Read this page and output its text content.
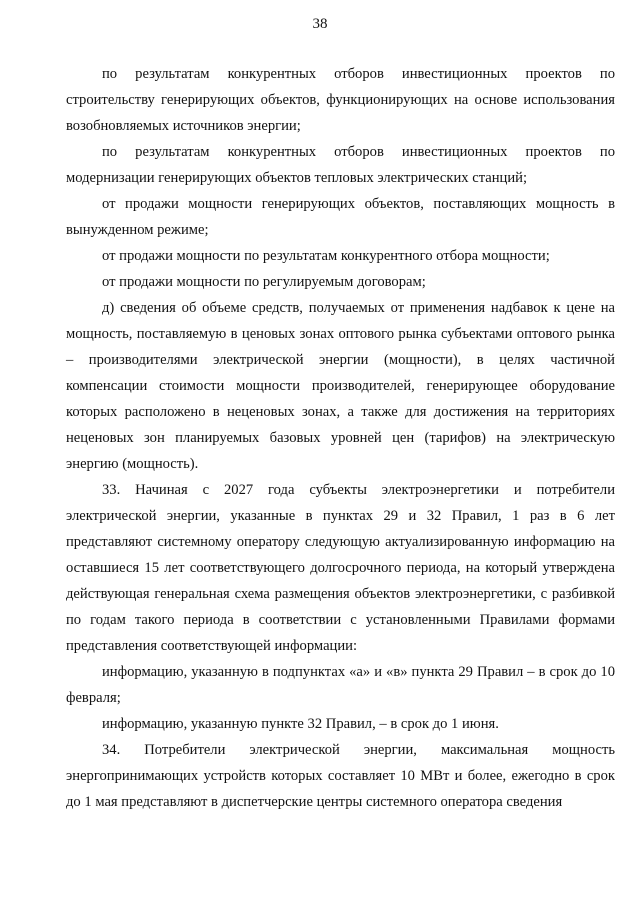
38

по результатам конкурентных отборов инвестиционных проектов по строительству генерирующих объектов, функционирующих на основе использования возобновляемых источников энергии;

по результатам конкурентных отборов инвестиционных проектов по модернизации генерирующих объектов тепловых электрических станций;

от продажи мощности генерирующих объектов, поставляющих мощность в вынужденном режиме;

от продажи мощности по результатам конкурентного отбора мощности;

от продажи мощности по регулируемым договорам;

д) сведения об объеме средств, получаемых от применения надбавок к цене на мощность, поставляемую в ценовых зонах оптового рынка субъектами оптового рынка – производителями электрической энергии (мощности), в целях частичной компенсации стоимости мощности производителей, генерирующее оборудование которых расположено в неценовых зонах, а также для достижения на территориях неценовых зон планируемых базовых уровней цен (тарифов) на электрическую энергию (мощность).

33. Начиная с 2027 года субъекты электроэнергетики и потребители электрической энергии, указанные в пунктах 29 и 32 Правил, 1 раз в 6 лет представляют системному оператору следующую актуализированную информацию на оставшиеся 15 лет соответствующего долгосрочного периода, на который утверждена действующая генеральная схема размещения объектов электроэнергетики, с разбивкой по годам такого периода в соответствии с установленными Правилами формами представления соответствующей информации:

информацию, указанную в подпунктах «а» и «в» пункта 29 Правил – в срок до 10 февраля;

информацию, указанную пункте 32 Правил, – в срок до 1 июня.

34. Потребители электрической энергии, максимальная мощность энергопринимающих устройств которых составляет 10 МВт и более, ежегодно в срок до 1 мая представляют в диспетчерские центры системного оператора сведения
